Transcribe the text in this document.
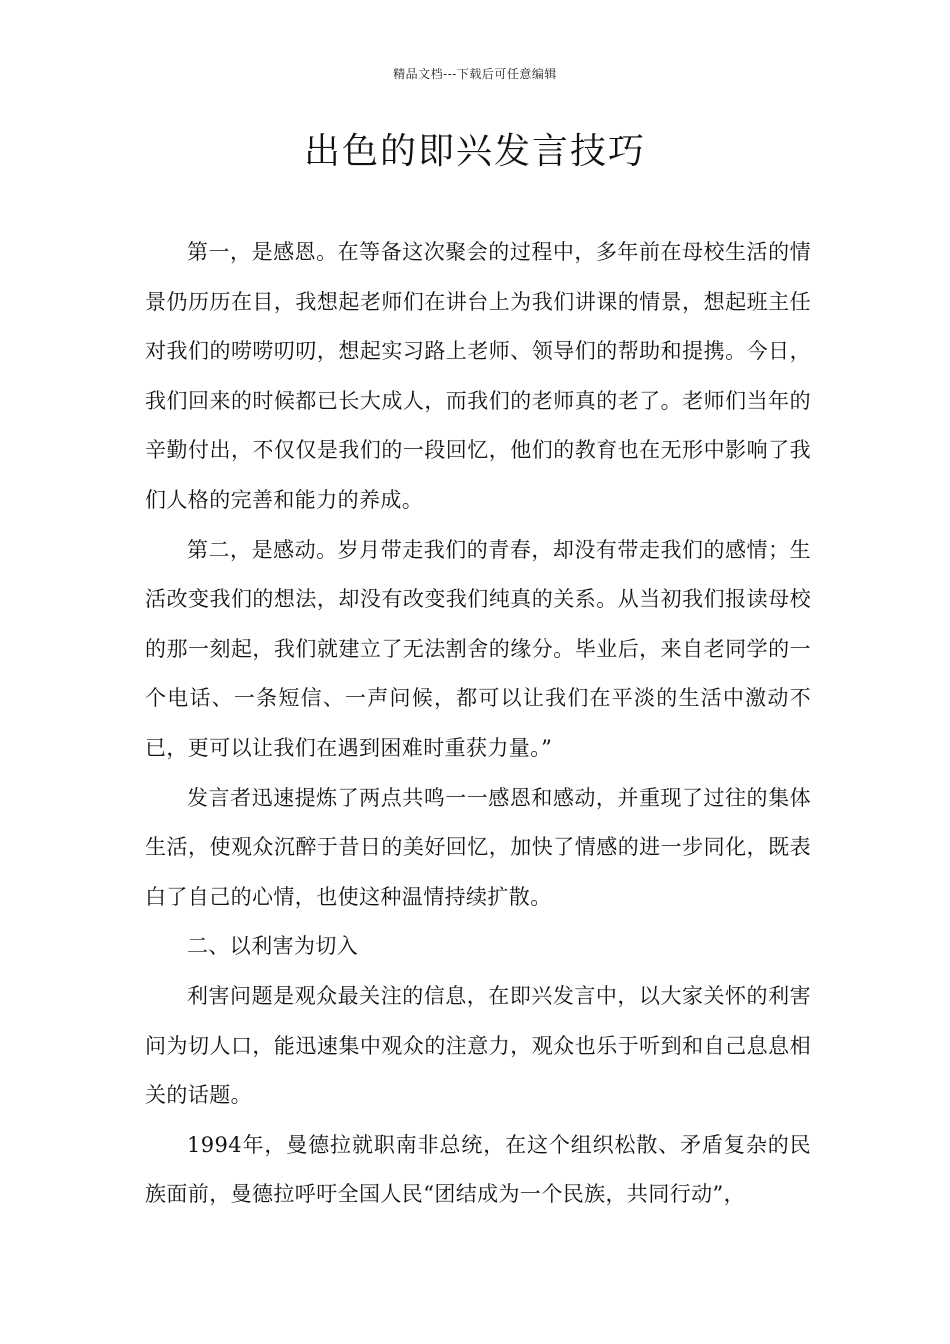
精品文档---下载后可任意编辑
出色的即兴发言技巧

第一，是感恩。在等备这次聚会的过程中，多年前在母校生活的情景仍历历在目，我想起老师们在讲台上为我们讲课的情景，想起班主任对我们的唠唠叨叨，想起实习路上老师、领导们的帮助和提携。今日，我们回来的时候都已长大成人，而我们的老师真的老了。老师们当年的辛勤付出，不仅仅是我们的一段回忆，他们的教育也在无形中影响了我们人格的完善和能力的养成。

第二，是感动。岁月带走我们的青春，却没有带走我们的感情；生活改变我们的想法，却没有改变我们纯真的关系。从当初我们报读母校的那一刻起，我们就建立了无法割舍的缘分。毕业后，来自老同学的一个电话、一条短信、一声问候，都可以让我们在平淡的生活中激动不已，更可以让我们在遇到困难时重获力量。”

发言者迅速提炼了两点共鸣一一感恩和感动，并重现了过往的集体生活，使观众沉醉于昔日的美好回忆，加快了情感的进一步同化，既表白了自己的心情，也使这种温情持续扩散。

二、以利害为切入

利害问题是观众最关注的信息，在即兴发言中，以大家关怀的利害问为切人口，能迅速集中观众的注意力，观众也乐于听到和自己息息相关的话题。

1994年，曼德拉就职南非总统，在这个组织松散、矛盾复杂的民族面前，曼德拉呼吁全国人民“团结成为一个民族，共同行动”，
